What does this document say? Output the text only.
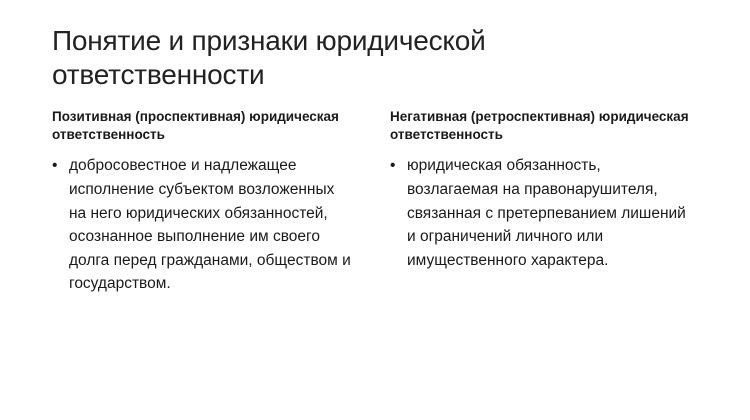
Понятие и признаки юридической ответственности
Позитивная (проспективная) юридическая ответственность
• добросовестное и надлежащее исполнение субъектом возложенных на него юридических обязанностей, осознанное выполнение им своего долга перед гражданами, обществом и государством.
Негативная (ретроспективная) юридическая ответственность
• юридическая обязанность, возлагаемая на правонарушителя, связанная с претерпеванием лишений и ограничений личного или имущественного характера.
